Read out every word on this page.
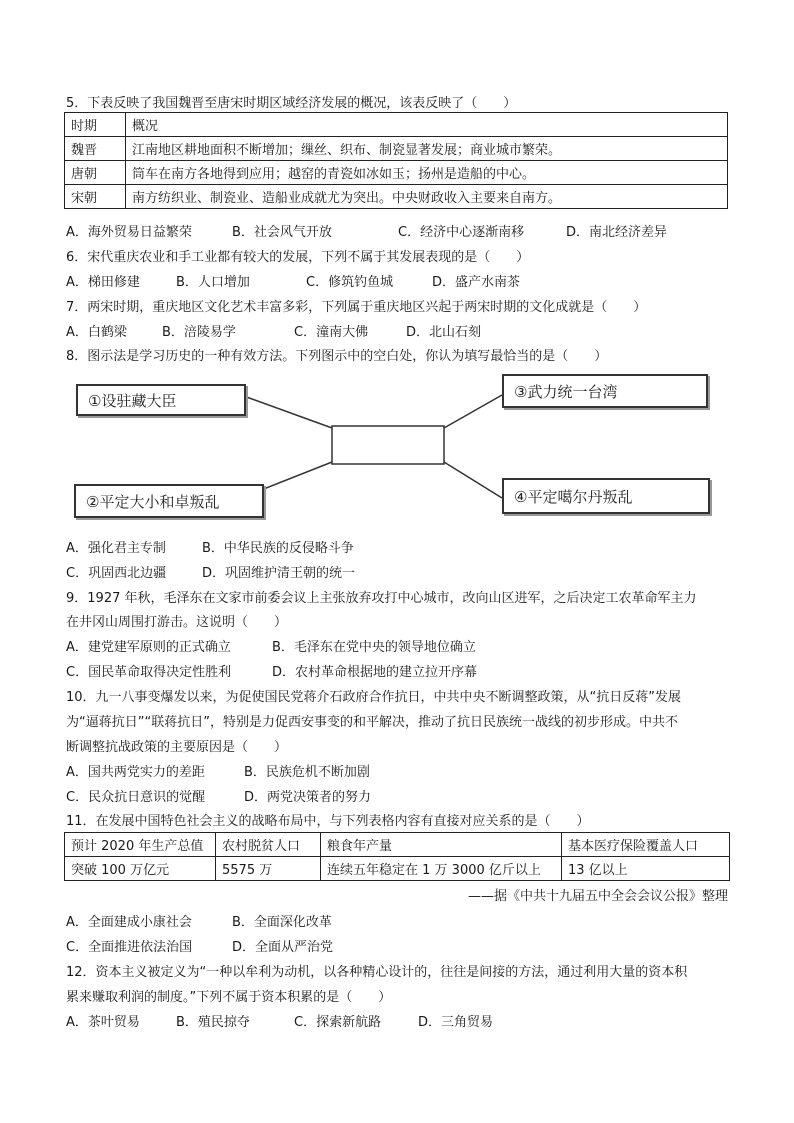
5．下表反映了我国魏晋至唐宋时期区域经济发展的概况，该表反映了（　　）
时期	概况
魏晋	江南地区耕地面积不断增加；缫丝、织布、制瓷显著发展；商业城市繁荣。
唐朝	筒车在南方各地得到应用；越窑的青瓷如冰如玉；扬州是造船的中心。
宋朝	南方纺织业、制瓷业、造船业成就尤为突出。中央财政收入主要来自南方。
A．海外贸易日益繁荣	B．社会风气开放	C．经济中心逐渐南移	D．南北经济差异
6．宋代重庆农业和手工业都有较大的发展，下列不属于其发展表现的是（　　）
A．梯田修建	B．人口增加	C．修筑钓鱼城	D．盛产水南茶
7．两宋时期，重庆地区文化艺术丰富多彩，下列属于重庆地区兴起于两宋时期的文化成就是（　　）
A．白鹤梁	B．涪陵易学	C．潼南大佛	D．北山石刻
8．图示法是学习历史的一种有效方法。下列图示中的空白处，你认为填写最恰当的是（　　）
①设驻藏大臣
②平定大小和卓叛乱
③武力统一台湾
④平定噶尔丹叛乱
A．强化君主专制	B．中华民族的反侵略斗争
C．巩固西北边疆	D．巩固维护清王朝的统一
9．1927 年秋，毛泽东在文家市前委会议上主张放弃攻打中心城市，改向山区进军，之后决定工农革命军主力
在井冈山周围打游击。这说明（　　）
A．建党建军原则的正式确立	B．毛泽东在党中央的领导地位确立
C．国民革命取得决定性胜利	D．农村革命根据地的建立拉开序幕
10．九一八事变爆发以来，为促使国民党蒋介石政府合作抗日，中共中央不断调整政策，从“抗日反蒋”发展
为“逼蒋抗日”“联蒋抗日”，特别是力促西安事变的和平解决，推动了抗日民族统一战线的初步形成。中共不
断调整抗战政策的主要原因是（　　）
A．国共两党实力的差距	B．民族危机不断加剧
C．民众抗日意识的觉醒	D．两党决策者的努力
11．在发展中国特色社会主义的战略布局中，与下列表格内容有直接对应关系的是（　　）
预计 2020 年生产总值	农村脱贫人口	粮食年产量	基本医疗保险覆盖人口
突破 100 万亿元	5575 万	连续五年稳定在 1 万 3000 亿斤以上	13 亿以上
——据《中共十九届五中全会会议公报》整理
A．全面建成小康社会	B．全面深化改革
C．全面推进依法治国	D．全面从严治党
12．资本主义被定义为“一种以牟利为动机，以各种精心设计的，往往是间接的方法，通过利用大量的资本积
累来赚取利润的制度。”下列不属于资本积累的是（　　）
A．茶叶贸易	B．殖民掠夺	C．探索新航路	D．三角贸易
